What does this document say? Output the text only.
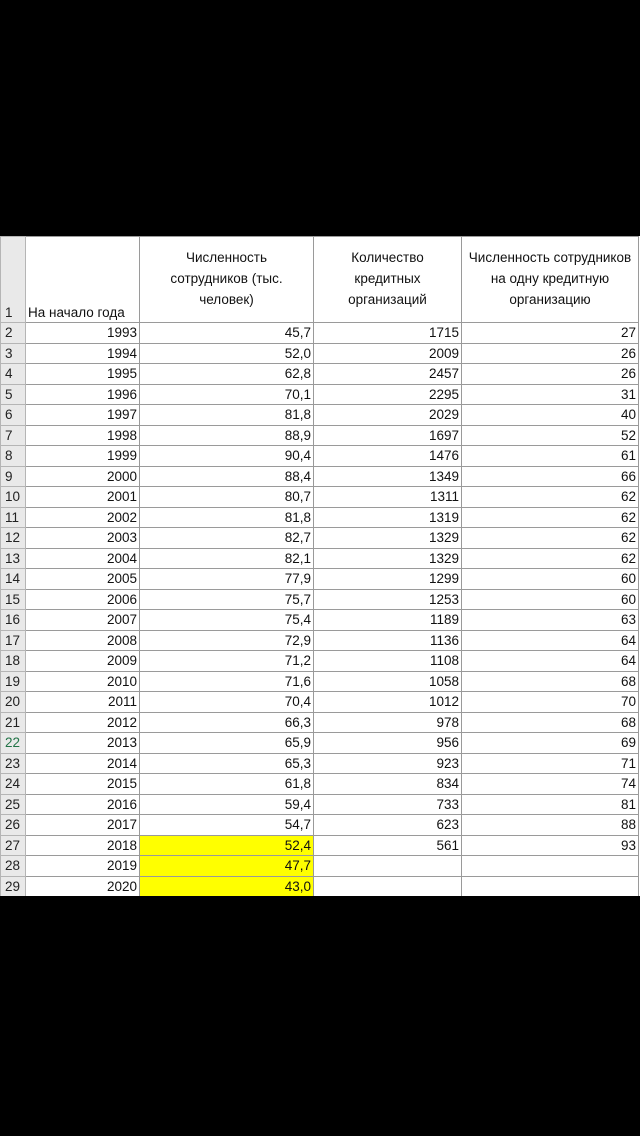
1	На начало года	Численность
сотрудников (тыс.
человек)	Количество
кредитных
организаций	Численность сотрудников
на одну кредитную
организацию

2	1993	45,7	1715	27
3	1994	52,0	2009	26
4	1995	62,8	2457	26
5	1996	70,1	2295	31
6	1997	81,8	2029	40
7	1998	88,9	1697	52
8	1999	90,4	1476	61
9	2000	88,4	1349	66
10	2001	80,7	1311	62
11	2002	81,8	1319	62
12	2003	82,7	1329	62
13	2004	82,1	1329	62
14	2005	77,9	1299	60
15	2006	75,7	1253	60
16	2007	75,4	1189	63
17	2008	72,9	1136	64
18	2009	71,2	1108	64
19	2010	71,6	1058	68
20	2011	70,4	1012	70
21	2012	66,3	978	68
22	2013	65,9	956	69
23	2014	65,3	923	71
24	2015	61,8	834	74
25	2016	59,4	733	81
26	2017	54,7	623	88
27	2018	52,4	561	93
28	2019	47,7		
29	2020	43,0		
